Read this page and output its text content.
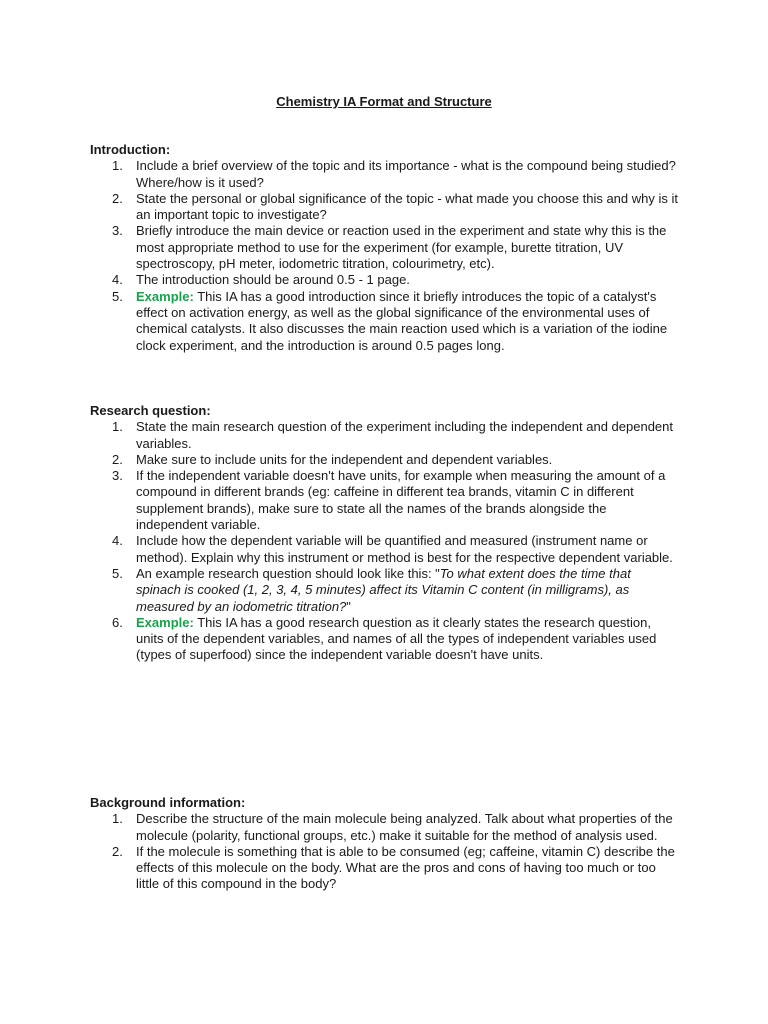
Chemistry IA Format and Structure

Introduction:

1. Include a brief overview of the topic and its importance - what is the compound being studied? Where/how is it used?
2. State the personal or global significance of the topic - what made you choose this and why is it an important topic to investigate?
3. Briefly introduce the main device or reaction used in the experiment and state why this is the most appropriate method to use for the experiment (for example, burette titration, UV spectroscopy, pH meter, iodometric titration, colourimetry, etc).
4. The introduction should be around 0.5 - 1 page.
5. Example: This IA has a good introduction since it briefly introduces the topic of a catalyst's effect on activation energy, as well as the global significance of the environmental uses of chemical catalysts. It also discusses the main reaction used which is a variation of the iodine clock experiment, and the introduction is around 0.5 pages long.

Research question:

1. State the main research question of the experiment including the independent and dependent variables.
2. Make sure to include units for the independent and dependent variables.
3. If the independent variable doesn't have units, for example when measuring the amount of a compound in different brands (eg: caffeine in different tea brands, vitamin C in different supplement brands), make sure to state all the names of the brands alongside the independent variable.
4. Include how the dependent variable will be quantified and measured (instrument name or method). Explain why this instrument or method is best for the respective dependent variable.
5. An example research question should look like this: "To what extent does the time that spinach is cooked (1, 2, 3, 4, 5 minutes) affect its Vitamin C content (in milligrams), as measured by an iodometric titration?"
6. Example: This IA has a good research question as it clearly states the research question, units of the dependent variables, and names of all the types of independent variables used (types of superfood) since the independent variable doesn't have units.

Background information:

1. Describe the structure of the main molecule being analyzed. Talk about what properties of the molecule (polarity, functional groups, etc.) make it suitable for the method of analysis used.
2. If the molecule is something that is able to be consumed (eg; caffeine, vitamin C) describe the effects of this molecule on the body. What are the pros and cons of having too much or too little of this compound in the body?
